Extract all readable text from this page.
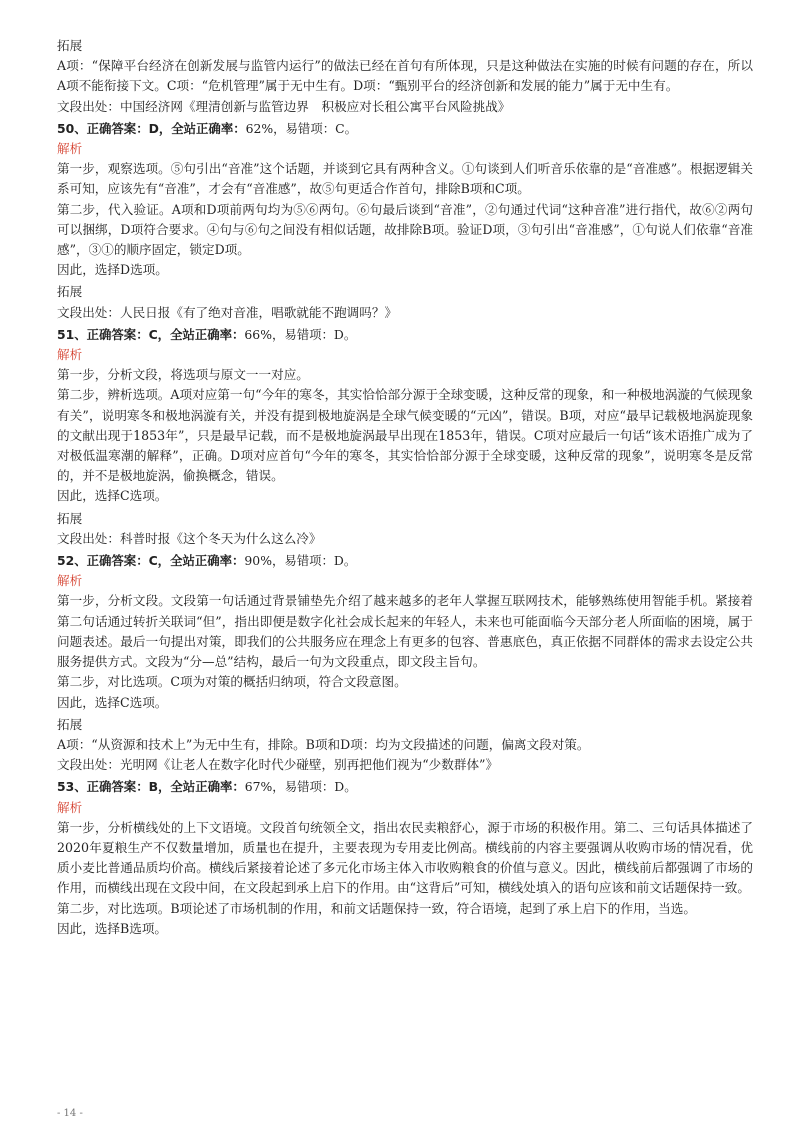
拓展
A项：“保障平台经济在创新发展与监管内运行”的做法已经在首句有所体现，只是这种做法在实施的时候有问题的存在，所以A项不能衔接下文。C项：“危机管理”属于无中生有。D项：“甄别平台的经济创新和发展的能力”属于无中生有。
文段出处：中国经济网《理清创新与监管边界　积极应对长租公寓平台风险挑战》
50、正确答案：D，全站正确率：62%，易错项：C。
解析
第一步，观察选项。⑤句引出“音准”这个话题，并谈到它具有两种含义。①句谈到人们听音乐依靠的是“音准感”。根据逻辑关系可知，应该先有“音准”，才会有“音准感”，故⑤句更适合作首句，排除B项和C项。
第二步，代入验证。A项和D项前两句均为⑤⑥两句。⑥句最后谈到“音准”，②句通过代词“这种音准”进行指代，故⑥②两句可以捆绑，D项符合要求。④句与⑥句之间没有相似话题，故排除B项。验证D项，③句引出“音准感”，①句说人们依靠“音准感”，③①的顺序固定，锁定D项。
因此，选择D选项。
拓展
文段出处：人民日报《有了绝对音准，唱歌就能不跑调吗？》
51、正确答案：C，全站正确率：66%，易错项：D。
解析
第一步，分析文段，将选项与原文一一对应。
第二步，辨析选项。A项对应第一句“今年的寒冬，其实恰恰部分源于全球变暖，这种反常的现象，和一种极地涡漩的气候现象有关”，说明寒冬和极地涡漩有关，并没有提到极地旋涡是全球气候变暖的“元凶”，错误。B项，对应“最早记载极地涡旋现象的文献出现于1853年”，只是最早记载，而不是极地旋涡最早出现在1853年，错误。C项对应最后一句话“该术语推广成为了对极低温寒潮的解释”，正确。D项对应首句“今年的寒冬，其实恰恰部分源于全球变暖，这种反常的现象”，说明寒冬是反常的，并不是极地旋涡，偷换概念，错误。
因此，选择C选项。
拓展
文段出处：科普时报《这个冬天为什么这么冷》
52、正确答案：C，全站正确率：90%，易错项：D。
解析
第一步，分析文段。文段第一句话通过背景铺垫先介绍了越来越多的老年人掌握互联网技术，能够熟练使用智能手机。紧接着第二句话通过转折关联词“但”，指出即便是数字化社会成长起来的年轻人，未来也可能面临今天部分老人所面临的困境，属于问题表述。最后一句提出对策，即我们的公共服务应在理念上有更多的包容、普惠底色，真正依据不同群体的需求去设定公共服务提供方式。文段为“分—总”结构，最后一句为文段重点，即文段主旨句。
第二步，对比选项。C项为对策的概括归纳项，符合文段意图。
因此，选择C选项。
拓展
A项：“从资源和技术上”为无中生有，排除。B项和D项：均为文段描述的问题，偏离文段对策。
文段出处：光明网《让老人在数字化时代少碰壁，别再把他们视为“少数群体”》
53、正确答案：B，全站正确率：67%，易错项：D。
解析
第一步，分析横线处的上下文语境。文段首句统领全文，指出农民卖粮舒心，源于市场的积极作用。第二、三句话具体描述了2020年夏粮生产不仅数量增加，质量也在提升，主要表现为专用麦比例高。横线前的内容主要强调从收购市场的情况看，优质小麦比普通品质均价高。横线后紧接着论述了多元化市场主体入市收购粮食的价值与意义。因此，横线前后都强调了市场的作用，而横线出现在文段中间，在文段起到承上启下的作用。由“这背后”可知，横线处填入的语句应该和前文话题保持一致。
第二步，对比选项。B项论述了市场机制的作用，和前文话题保持一致，符合语境，起到了承上启下的作用，当选。
因此，选择B选项。
- 14 -
